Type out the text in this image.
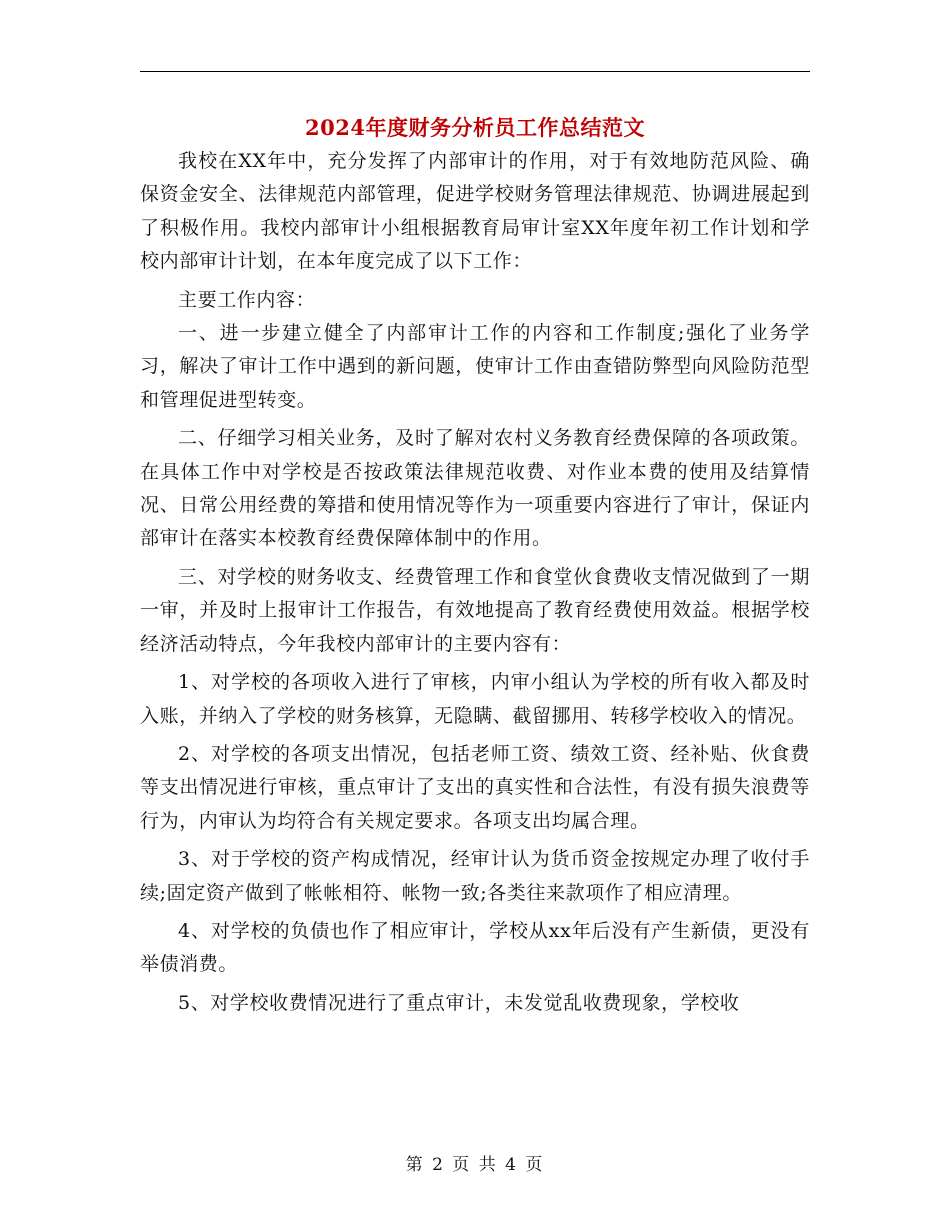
2024年度财务分析员工作总结范文

我校在XX年中，充分发挥了内部审计的作用，对于有效地防范风险、确保资金安全、法律规范内部管理，促进学校财务管理法律规范、协调进展起到了积极作用。我校内部审计小组根据教育局审计室XX年度年初工作计划和学校内部审计计划，在本年度完成了以下工作：

主要工作内容：

一、进一步建立健全了内部审计工作的内容和工作制度;强化了业务学习，解决了审计工作中遇到的新问题，使审计工作由查错防弊型向风险防范型和管理促进型转变。

二、仔细学习相关业务，及时了解对农村义务教育经费保障的各项政策。在具体工作中对学校是否按政策法律规范收费、对作业本费的使用及结算情况、日常公用经费的筹措和使用情况等作为一项重要内容进行了审计，保证内部审计在落实本校教育经费保障体制中的作用。

三、对学校的财务收支、经费管理工作和食堂伙食费收支情况做到了一期一审，并及时上报审计工作报告，有效地提高了教育经费使用效益。根据学校经济活动特点，今年我校内部审计的主要内容有：

1、对学校的各项收入进行了审核，内审小组认为学校的所有收入都及时入账，并纳入了学校的财务核算，无隐瞒、截留挪用、转移学校收入的情况。

2、对学校的各项支出情况，包括老师工资、绩效工资、经补贴、伙食费等支出情况进行审核，重点审计了支出的真实性和合法性，有没有损失浪费等行为，内审认为均符合有关规定要求。各项支出均属合理。

3、对于学校的资产构成情况，经审计认为货币资金按规定办理了收付手续;固定资产做到了帐帐相符、帐物一致;各类往来款项作了相应清理。

4、对学校的负债也作了相应审计，学校从xx年后没有产生新债，更没有举债消费。

5、对学校收费情况进行了重点审计，未发觉乱收费现象，学校收

第 2 页 共 4 页
